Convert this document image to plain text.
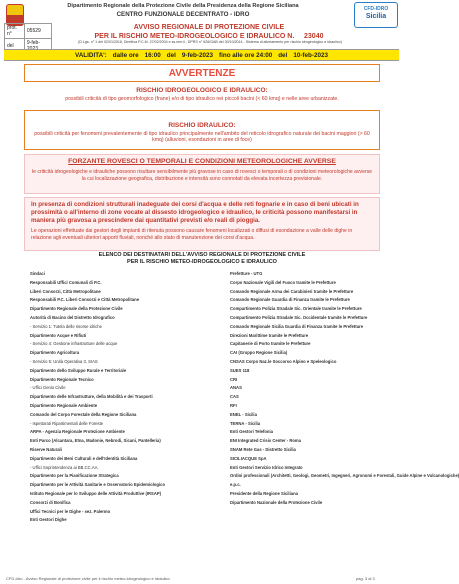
Dipartimento Regionale della Protezione Civile della Presidenza della Regione Siciliana
CENTRO FUNZIONALE DECENTRATO - IDRO
CFD-IDRO
Sicilia
prot. n°	05529
del	9-feb-
AVVISO REGIONALE DI PROTEZIONE CIVILE
PER IL RISCHIO METEO-IDROGEOLOGICO E IDRAULICO N. 23040
(D.Lgs. n° 1 del 02/01/2018, Direttiva P.C.M. 27/02/2004 e ss.mm.ii., DPRS n° 626/GAB del 30/10/2014 - Sistema di allertamento per rischio idrogeologico e idraulico)
VALIDITA': dalle ore 16:00 del 9-feb-2023 fino alle ore 24:00 del 10-feb-2023
AVVERTENZE
RISCHIO IDROGEOLOGICO E IDRAULICO:
possibili criticità di tipo geomorfologico (frane) e/o di tipo idraulico nei piccoli bacini (< 60 kmq) e nelle aree urbanizzate.
RISCHIO IDRAULICO:
possibili criticità per fenomeni prevalentemente di tipo idraulico principalmente nell'ambito del reticolo idrografico naturale dei bacini maggiori (> 60 kmq) (alluvioni, esondazioni in aree di foce)
FORZANTE ROVESCI O TEMPORALI E CONDIZIONI METEOROLOGICHE AVVERSE
le criticità idrogeologiche e idrauliche possono risultare sensibilmente più gravose in caso di rovesci o temporali o di condizioni meteorologiche avverse la cui localizzazione geografica, distribuzione e intensità sono connotati da elevata incertezza previsionale.
In presenza di condizioni strutturali inadeguate dei corsi d'acqua e delle reti fognarie e in caso di beni ubicati in prossimità o all'interno di zone vocate al dissesto idrogeologico e idraulico, le criticità possono manifestarsi in maniera più gravosa a prescindere dai quantitativi previsti e/o reali di pioggia.
Le operazioni effettuate dai gestori degli impianti di ritenuta possono causare fenomeni localizzati o diffusi di esondazione a valle delle dighe in relazione agli eventuali ulteriori apporti fluviali, nonché allo stato di manutenzione dei corsi d'acqua.
ELENCO DEI DESTINATARI DELL'AVVISO REGIONALE DI PROTEZIONE CIVILE
PER IL RISCHIO METEO-IDROGEOLOGICO E IDRAULICO
Sindaci
Responsabili Uffici Comunali di P.C.
Liberi Consorzi, Città Metropolitane
Responsabili P.C. Liberi Consorzi e Città Metropolitane
Dipartimento Regionale della Protezione Civile
Autorità di Bacino del Distretto Idrografico
- Servizio 1: Tutela delle risorse idriche
Dipartimento Acque e Rifiuti
- Servizio 4: Gestione infrastrutture delle acque
Dipartimento Agricoltura
- Servizio 5: Unità Operativa 3, SIAS
Dipartimento dello Sviluppo Rurale e Territoriale
Dipartimento Regionale Tecnico
- Uffici Genio Civile
Dipartimento delle Infrastrutture, della Mobilità e dei Trasporti
Dipartimento Regionale Ambiente
Comando del Corpo Forestale della Regione Siciliana
- Ispettorati Ripartimentali delle Foreste
ARPA - Agenzia Regionale Protezione Ambiente
Enti Parco (Alcantara, Etna, Madonie, Nebrodi, Sicani, Pantelleria)
Riserve Naturali
Dipartimento dei Beni Culturali e dell'Identità Siciliana
- Uffici Soprintendenza ai BB.CC.AA.
Dipartimento per la Pianificazione Strategica
Dipartimento per le Attività Sanitarie e Osservatorio Epidemiologico
Istituto Regionale per lo Sviluppo delle Attività Produttive (IRSAP)
Consorzi di Bonifica
Uffici Tecnici per le Dighe - sez. Palermo
Enti Gestori Dighe
Prefetture - UTG
Corpo Nazionale Vigili del Fuoco tramite le Prefetture
Comando Regionale Arma dei Carabinieri tramite le Prefetture
Comando Regionale Guardia di Finanza tramite le Prefetture
Compartimento Polizia Stradale Sic. Orientale tramite le Prefetture
Compartimento Polizia Stradale Sic. Occidentale tramite le Prefetture
Comando Regionale Sicilia Guardia di Finanza tramite le Prefetture
Direzioni Marittime tramite le Prefetture
Capitanerie di Porto tramite le Prefetture
CAI (Gruppo Regione Sicilia)
CNSAS Corpo Naz.le Soccorso Alpino e Speleologico
SUES 118
CRI
ANAS
CAS
RFI
ENEL - Sicilia
TERNA - Sicilia
Enti Gestori Telefonia
ENI Integrated Crisis Center - Roma
SNAM Rete Gas - Distretto Sicilia
SICILIACQUE SpA
Enti Gestori Servizio Idrico Integrato
Ordini professionali (Architetti, Geologi, Geometri, Ingegneri, Agronomi e Forestali, Guide Alpine e Vulcanologiche)
e.p.c.
Presidente della Regione Siciliana
Dipartimento Nazionale della Protezione Civile
CFD-Idro - Avviso Regionale di protezione civile per il rischio meteo-idrogeologico e idraulico	pag. 3 di 3
